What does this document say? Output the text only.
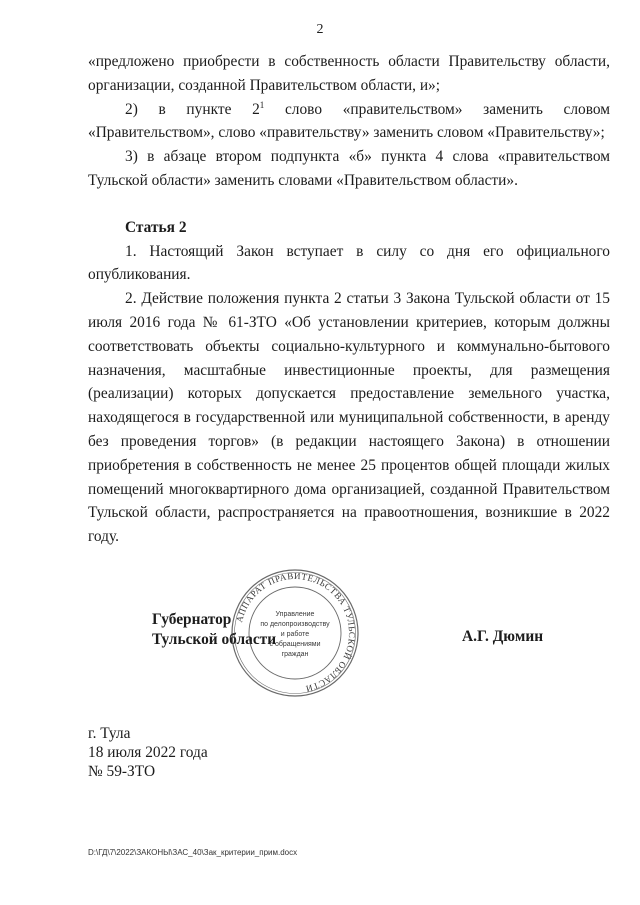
2

«предложено приобрести в собственность области Правительству области, организации, созданной Правительством области, и»;

2) в пункте $2^1$ слово «правительством» заменить словом «Правительством», слово «правительству» заменить словом «Правительству»;

3) в абзаце втором подпункта «б» пункта 4 слова «правительством Тульской области» заменить словами «Правительством области».

Статья 2

1. Настоящий Закон вступает в силу со дня его официального опубликования.

2. Действие положения пункта 2 статьи 3 Закона Тульской области от 15 июля 2016 года № 61-ЗТО «Об установлении критериев, которым должны соответствовать объекты социально-культурного и коммунально-бытового назначения, масштабные инвестиционные проекты, для размещения (реализации) которых допускается предоставление земельного участка, находящегося в государственной или муниципальной собственности, в аренду без проведения торгов» (в редакции настоящего Закона) в отношении приобретения в собственность не менее 25 процентов общей площади жилых помещений многоквартирного дома организацией, созданной Правительством Тульской области, распространяется на правоотношения, возникшие в 2022 году.

Губернатор
Тульской области
АППАРАТ ПРАВИТЕЛЬСТВА ТУЛЬСКОЙ ОБЛАСТИ
Управление
по делопроизводству
и работе
с обращениями
граждан
А.Г. Дюмин
г. Тула
18 июля 2022 года
№ 59-ЗТО
D:\ГД\7\2022\ЗАКОНЫ\ЗАС_40\Зак_критерии_прим.docx
